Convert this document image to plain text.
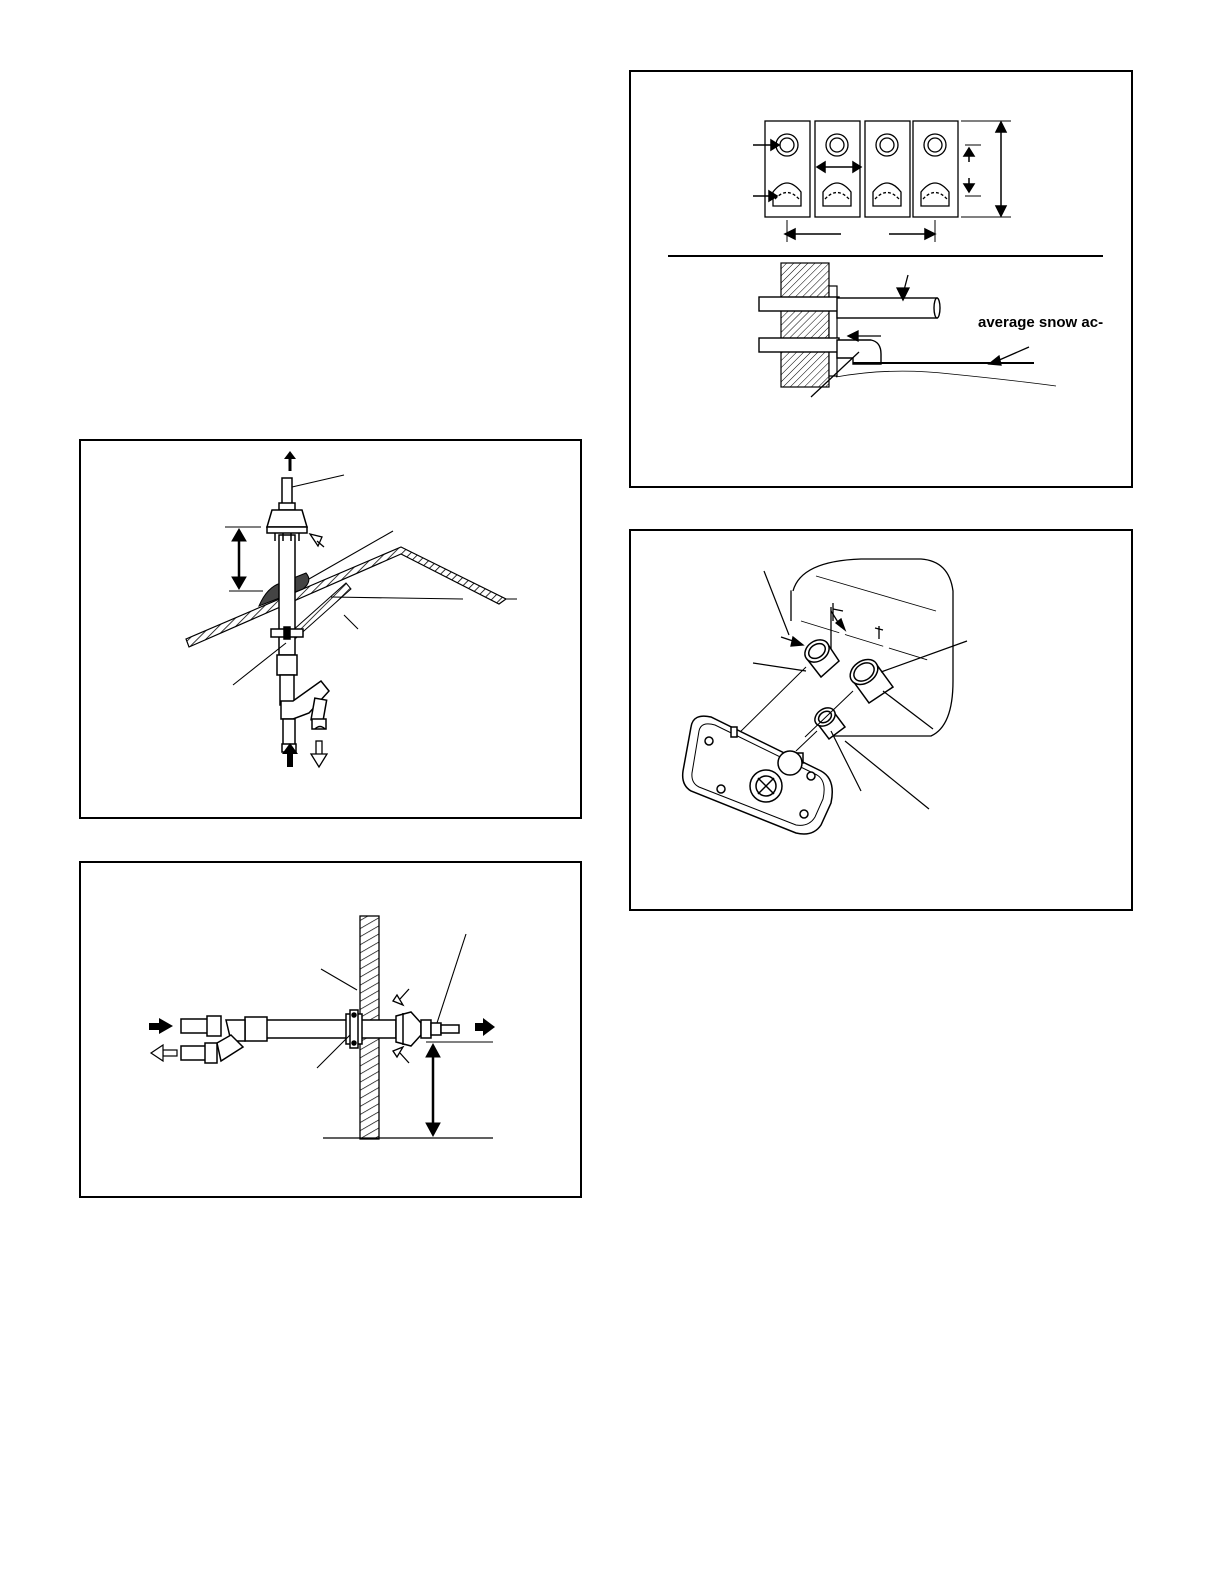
average snow ac-
